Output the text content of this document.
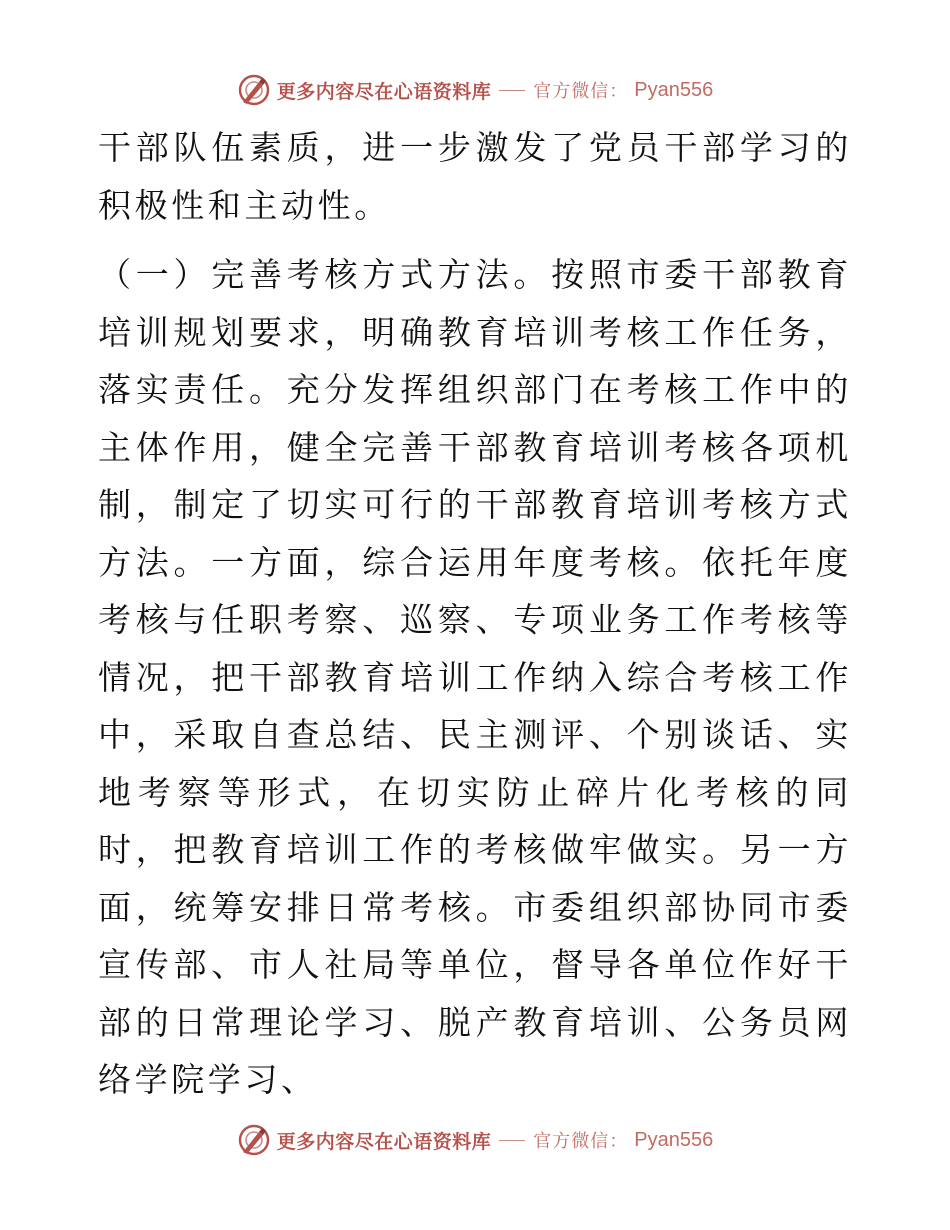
更多内容尽在心语资料库 官方微信： Pyan556

干部队伍素质，进一步激发了党员干部学习的积极性和主动性。

（一）完善考核方式方法。按照市委干部教育培训规划要求，明确教育培训考核工作任务，落实责任。充分发挥组织部门在考核工作中的主体作用，健全完善干部教育培训考核各项机制，制定了切实可行的干部教育培训考核方式方法。一方面，综合运用年度考核。依托年度考核与任职考察、巡察、专项业务工作考核等情况，把干部教育培训工作纳入综合考核工作中，采取自查总结、民主测评、个别谈话、实地考察等形式，在切实防止碎片化考核的同时，把教育培训工作的考核做牢做实。另一方面，统筹安排日常考核。市委组织部协同市委宣传部、市人社局等单位，督导各单位作好干部的日常理论学习、脱产教育培训、公务员网络学院学习、

更多内容尽在心语资料库 官方微信： Pyan556
